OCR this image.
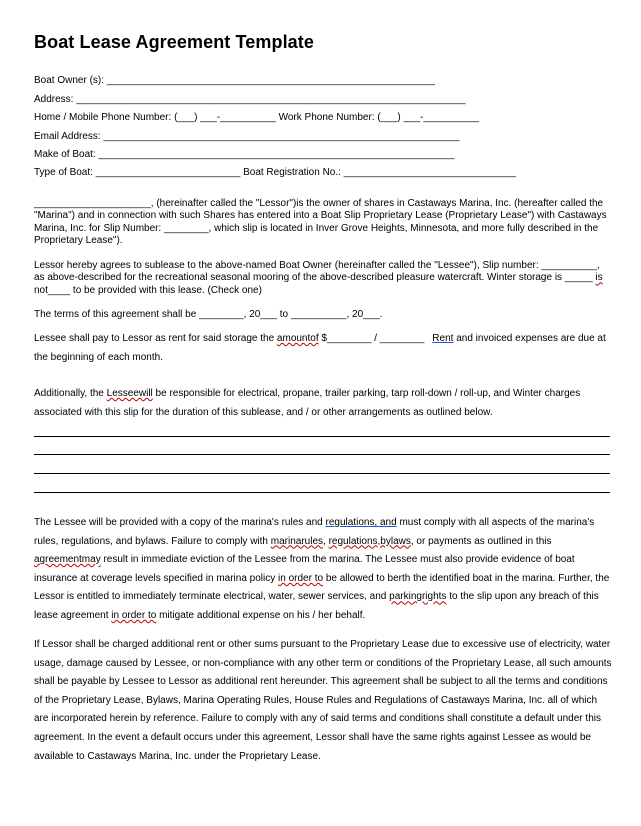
Boat Lease Agreement Template
Boat Owner (s): ___________________________________________________________
Address: ______________________________________________________________________
Home / Mobile Phone Number: (___) ___-__________ Work Phone Number: (___) ___-__________
Email Address: ________________________________________________________________
Make of Boat: ________________________________________________________________
Type of Boat: __________________________ Boat Registration No.: _______________________________
_____________________, (hereinafter called the "Lessor")is the owner of shares in Castaways Marina, Inc. (hereafter called the "Marina") and in connection with such Shares has entered into a Boat Slip Proprietary Lease (Proprietary Lease") with Castaways Marina, Inc. for Slip Number: ________, which slip is located in Inver Grove Heights, Minnesota, and more fully described in the Proprietary Lease").
Lessor hereby agrees to sublease to the above-named Boat Owner (hereinafter called the "Lessee"), Slip number: __________, as above-described for the recreational seasonal mooring of the above-described pleasure watercraft. Winter storage is _____ is not____ to be provided with this lease. (Check one)
The terms of this agreement shall be ________, 20___ to __________, 20___.
Lessee shall pay to Lessor as rent for said storage the amountof $________ / ________ Rent and invoiced expenses are due at the beginning of each month.
Additionally, the Lesseewill be responsible for electrical, propane, trailer parking, tarp roll-down / roll-up, and Winter charges associated with this slip for the duration of this sublease, and / or other arrangements as outlined below.
The Lessee will be provided with a copy of the marina's rules and regulations, and must comply with all aspects of the marina's rules, regulations, and bylaws. Failure to comply with marinarules, regulations,bylaws, or payments as outlined in this agreementmay result in immediate eviction of the Lessee from the marina. The Lessee must also provide evidence of boat insurance at coverage levels specified in marina policy in order to be allowed to berth the identified boat in the marina. Further, the Lessor is entitled to immediately terminate electrical, water, sewer services, and parkingrights to the slip upon any breach of this lease agreement in order to mitigate additional expense on his / her behalf.
If Lessor shall be charged additional rent or other sums pursuant to the Proprietary Lease due to excessive use of electricity, water usage, damage caused by Lessee, or non-compliance with any other term or conditions of the Proprietary Lease, all such amounts shall be payable by Lessee to Lessor as additional rent hereunder. This agreement shall be subject to all the terms and conditions of the Proprietary Lease, Bylaws, Marina Operating Rules, House Rules and Regulations of Castaways Marina, Inc. all of which are incorporated herein by reference. Failure to comply with any of said terms and conditions shall constitute a default under this agreement. In the event a default occurs under this agreement, Lessor shall have the same rights against Lessee as would be available to Castaways Marina, Inc. under the Proprietary Lease.
